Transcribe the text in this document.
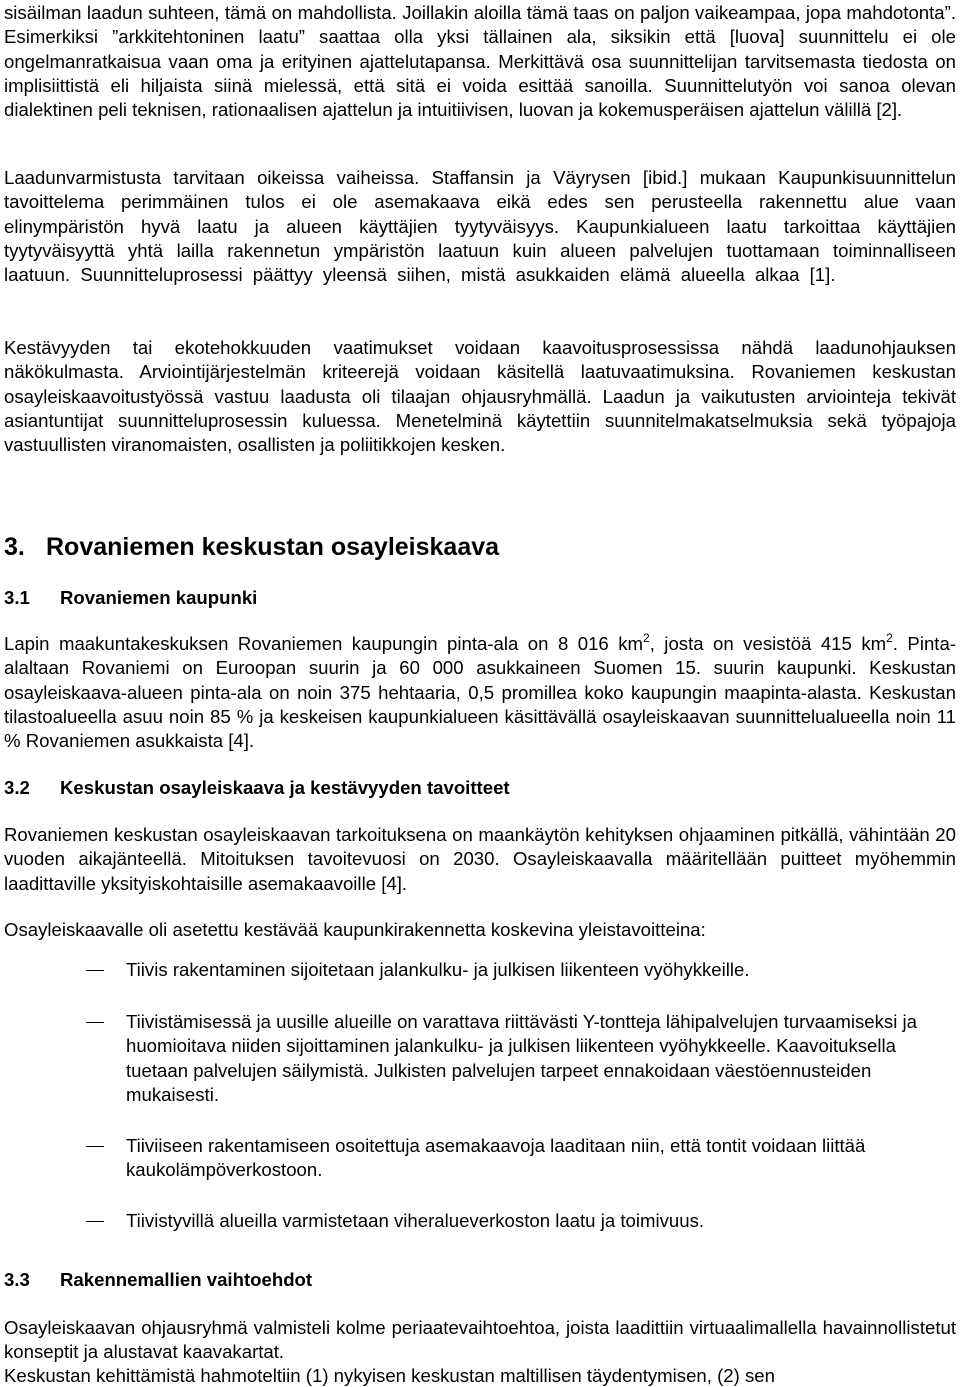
sisäilman laadun suhteen, tämä on mahdollista. Joillakin aloilla tämä taas on paljon vaikeampaa, jopa mahdotonta”. Esimerkiksi ”arkkitehtoninen laatu” saattaa olla yksi tällainen ala, siksikin että [luova] suunnittelu ei ole ongelmanratkaisua vaan oma ja erityinen ajattelutapansa. Merkittävä osa suunnittelijan tarvitsemasta tiedosta on implisiittistä eli hiljaista siinä mielessä, että sitä ei voida esittää sanoilla. Suunnittelutyön voi sanoa olevan dialektinen peli teknisen, rationaalisen ajattelun ja intuitiivisen, luovan ja kokemusperäisen ajattelun välillä [2].

Laadunvarmistusta tarvitaan oikeissa vaiheissa. Staffansin ja Väyrysen [ibid.] mukaan Kaupunkisuunnittelun tavoittelema perimmäinen tulos ei ole asemakaava eikä edes sen perusteella rakennettu alue vaan elinympäristön hyvä laatu ja alueen käyttäjien tyytyväisyys. Kaupunkialueen laatu tarkoittaa käyttäjien tyytyväisyyttä yhtä lailla rakennetun ympäristön laatuun kuin alueen palvelujen tuottamaan toiminnalliseen laatuun. Suunnitteluprosessi päättyy yleensä siihen, mistä asukkaiden elämä alueella alkaa [1].

Kestävyyden tai ekotehokkuuden vaatimukset voidaan kaavoitusprosessissa nähdä laadunohjauksen näkökulmasta. Arviointijärjestelmän kriteerejä voidaan käsitellä laatuvaatimuksina. Rovaniemen keskustan osayleiskaavoitustyössä vastuu laadusta oli tilaajan ohjausryhmällä. Laadun ja vaikutusten arviointeja tekivät asiantuntijat suunnitteluprosessin kuluessa. Menetelminä käytettiin suunnitelmakatselmuksia sekä työpajoja vastuullisten viranomaisten, osallisten ja poliitikkojen kesken.

3. Rovaniemen keskustan osayleiskaava
3.1 Rovaniemen kaupunki

Lapin maakuntakeskuksen Rovaniemen kaupungin pinta-ala on 8 016 $km^2$, josta on vesistöä 415 $km^2$. Pinta-alaltaan Rovaniemi on Euroopan suurin ja 60 000 asukkaineen Suomen 15. suurin kaupunki. Keskustan osayleiskaava-alueen pinta-ala on noin 375 hehtaaria, 0,5 promillea koko kaupungin maapinta-alasta. Keskustan tilastoalueella asuu noin 85 % ja keskeisen kaupunkialueen käsittävällä osayleiskaavan suunnittelualueella noin 11 % Rovaniemen asukkaista [4].

3.2 Keskustan osayleiskaava ja kestävyyden tavoitteet

Rovaniemen keskustan osayleiskaavan tarkoituksena on maankäytön kehityksen ohjaaminen pitkällä, vähintään 20 vuoden aikajänteellä. Mitoituksen tavoitevuosi on 2030. Osayleiskaavalla määritellään puitteet myöhemmin laadittaville yksityiskohtaisille asemakaavoille [4].

Osayleiskaavalle oli asetettu kestävää kaupunkirakennetta koskevina yleistavoitteina:

Tiivis rakentaminen sijoitetaan jalankulku- ja julkisen liikenteen vyöhykkeille.
Tiivistämisessä ja uusille alueille on varattava riittävästi Y-tontteja lähipalvelujen turvaamiseksi ja huomioitava niiden sijoittaminen jalankulku- ja julkisen liikenteen vyöhykkeelle. Kaavoituksella tuetaan palvelujen säilymistä. Julkisten palvelujen tarpeet ennakoidaan väestöennusteiden mukaisesti.
Tiiviiseen rakentamiseen osoitettuja asemakaavoja laaditaan niin, että tontit voidaan liittää kaukolämpöverkostoon.
Tiivistyvillä alueilla varmistetaan viheralueverkoston laatu ja toimivuus.
3.3 Rakennemallien vaihtoehdot

Osayleiskaavan ohjausryhmä valmisteli kolme periaatevaihtoehtoa, joista laadittiin virtuaalimallella havainnollistetut konseptit ja alustavat kaavakartat.

Keskustan kehittämistä hahmoteltiin (1) nykyisen keskustan maltillisen täydentymisen, (2) sen
